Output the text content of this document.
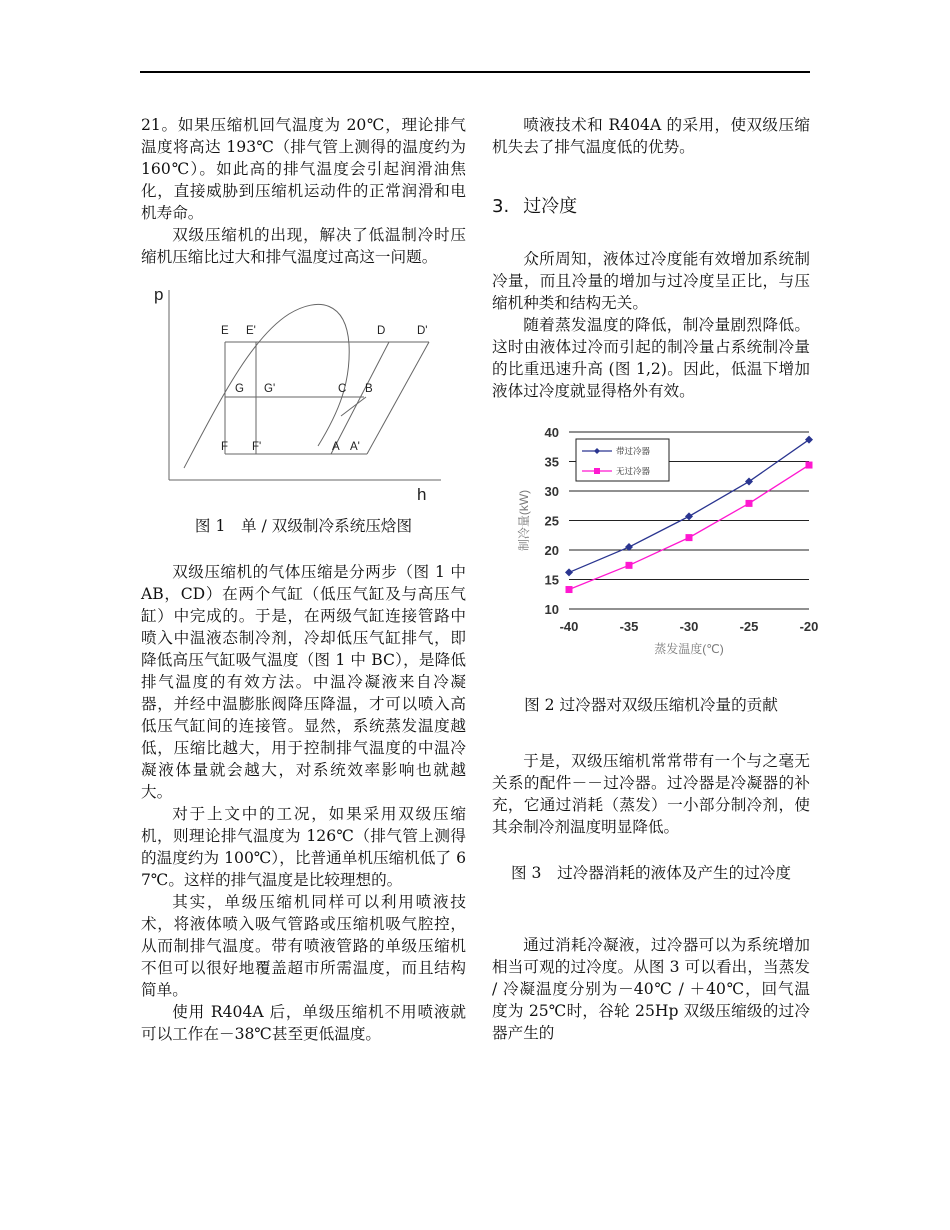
21。如果压缩机回气温度为 20℃，理论排气温度将高达 193℃（排气管上测得的温度约为 160℃）。如此高的排气温度会引起润滑油焦化，直接威胁到压缩机运动件的正常润滑和电机寿命。

双级压缩机的出现，解决了低温制冷时压缩机压缩比过大和排气温度过高这一问题。

p
h
E E'	D	D'
G G'	C B
F F'	A A'
图 1　单 / 双级制冷系统压焓图

双级压缩机的气体压缩是分两步（图 1 中 AB，CD）在两个气缸（低压气缸及与高压气缸）中完成的。于是，在两级气缸连接管路中喷入中温液态制冷剂，冷却低压气缸排气，即降低高压气缸吸气温度（图 1 中 BC），是降低排气温度的有效方法。中温冷凝液来自冷凝器，并经中温膨胀阀降压降温，才可以喷入高低压气缸间的连接管。显然，系统蒸发温度越低，压缩比越大，用于控制排气温度的中温冷凝液体量就会越大，对系统效率影响也就越大。

对于上文中的工况，如果采用双级压缩机，则理论排气温度为 126℃（排气管上测得的温度约为 100℃），比普通单机压缩机低了 67℃。这样的排气温度是比较理想的。

其实，单级压缩机同样可以利用喷液技术，将液体喷入吸气管路或压缩机吸气腔控，从而制排气温度。带有喷液管路的单级压缩机不但可以很好地覆盖超市所需温度，而且结构简单。

使用 R404A 后，单级压缩机不用喷液就可以工作在－38℃甚至更低温度。

喷液技术和 R404A 的采用，使双级压缩机失去了排气温度低的优势。

3. 过冷度

众所周知，液体过冷度能有效增加系统制冷量，而且冷量的增加与过冷度呈正比，与压缩机种类和结构无关。

随着蒸发温度的降低，制冷量剧烈降低。这时由液体过冷而引起的制冷量占系统制冷量的比重迅速升高 (图 1,2)。因此，低温下增加液体过冷度就显得格外有效。

10
15
20
25
30
35
40
-40	-35	-30	-25	-20
蒸发温度(℃)
制冷量(kW)
带过冷器
无过冷器
图 2 过冷器对双级压缩机冷量的贡献

于是，双级压缩机常常带有一个与之毫无关系的配件－－过冷器。过冷器是冷凝器的补充，它通过消耗（蒸发）一小部分制冷剂，使其余制冷剂温度明显降低。

图 3　过冷器消耗的液体及产生的过冷度

通过消耗冷凝液，过冷器可以为系统增加相当可观的过冷度。从图 3 可以看出，当蒸发 / 冷凝温度分别为－40℃ / ＋40℃，回气温度为 25℃时，谷轮 25Hp 双级压缩级的过冷器产生的
